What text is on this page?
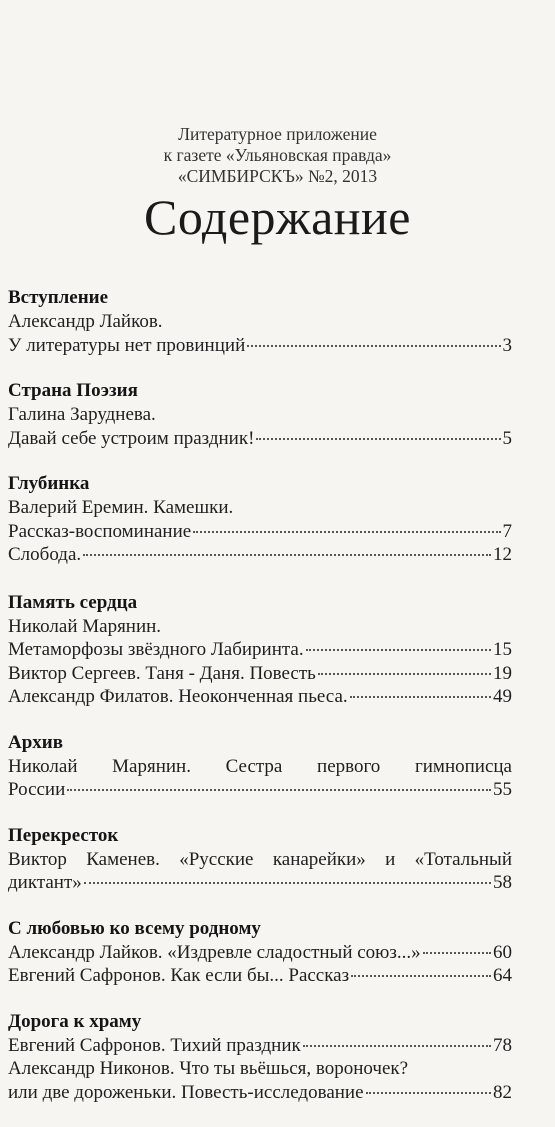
Литературное приложение
к газете «Ульяновская правда»
«СИМБИРСКЪ» №2, 2013
Содержание
Вступление
Александр Лайков.
У литературы нет провинций	3
Страна Поэзия
Галина Заруднева.
Давай себе устроим праздник!	5
Глубинка
Валерий Еремин. Камешки.
Рассказ-воспоминание	7
Слобода.	12
Память сердца
Николай Марянин.
Метаморфозы звёздного Лабиринта.	15
Виктор Сергеев. Таня - Даня. Повесть	19
Александр Филатов. Неоконченная пьеса.	49
Архив
Николай Марянин. Сестра первого гимнописца
России	55
Перекресток
Виктор Каменев. «Русские канарейки» и «Тотальный
диктант»	58
С любовью ко всему родному
Александр Лайков. «Издревле сладостный союз...»	60
Евгений Сафронов. Как если бы... Рассказ	64
Дорога к храму
Евгений Сафронов. Тихий праздник	78
Александр Никонов. Что ты вьёшься, вороночек?
или две дороженьки. Повесть-исследование	82
